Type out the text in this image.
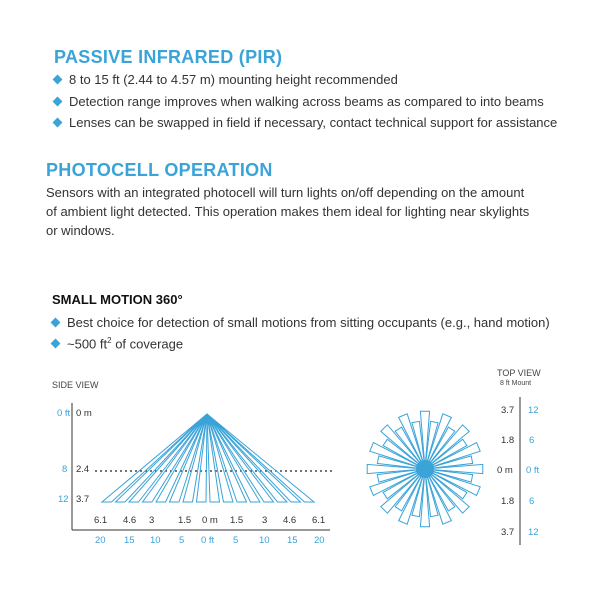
PASSIVE INFRARED (PIR)
8 to 15 ft (2.44 to 4.57 m) mounting height recommended
Detection range improves when walking across beams as compared to into beams
Lenses can be swapped in field if necessary, contact technical support for assistance
PHOTOCELL OPERATION
Sensors with an integrated photocell will turn lights on/off depending on the amount
of ambient light detected. This operation makes them ideal for lighting near skylights
or windows.
SMALL MOTION 360°
Best choice for detection of small motions from sitting occupants (e.g., hand motion)
~500 $ft^2$ of coverage
SIDE VIEW
0 ft 0 m
8 2.4
12 3.7
6.1 4.6 3 1.5 0 m 1.5 3 4.6 6.1
20 15 10 5 0 ft 5 10 15 20
TOP VIEW
8 ft Mount
3.7 12
1.8 6
0 m 0 ft
1.8 6
3.7 12
